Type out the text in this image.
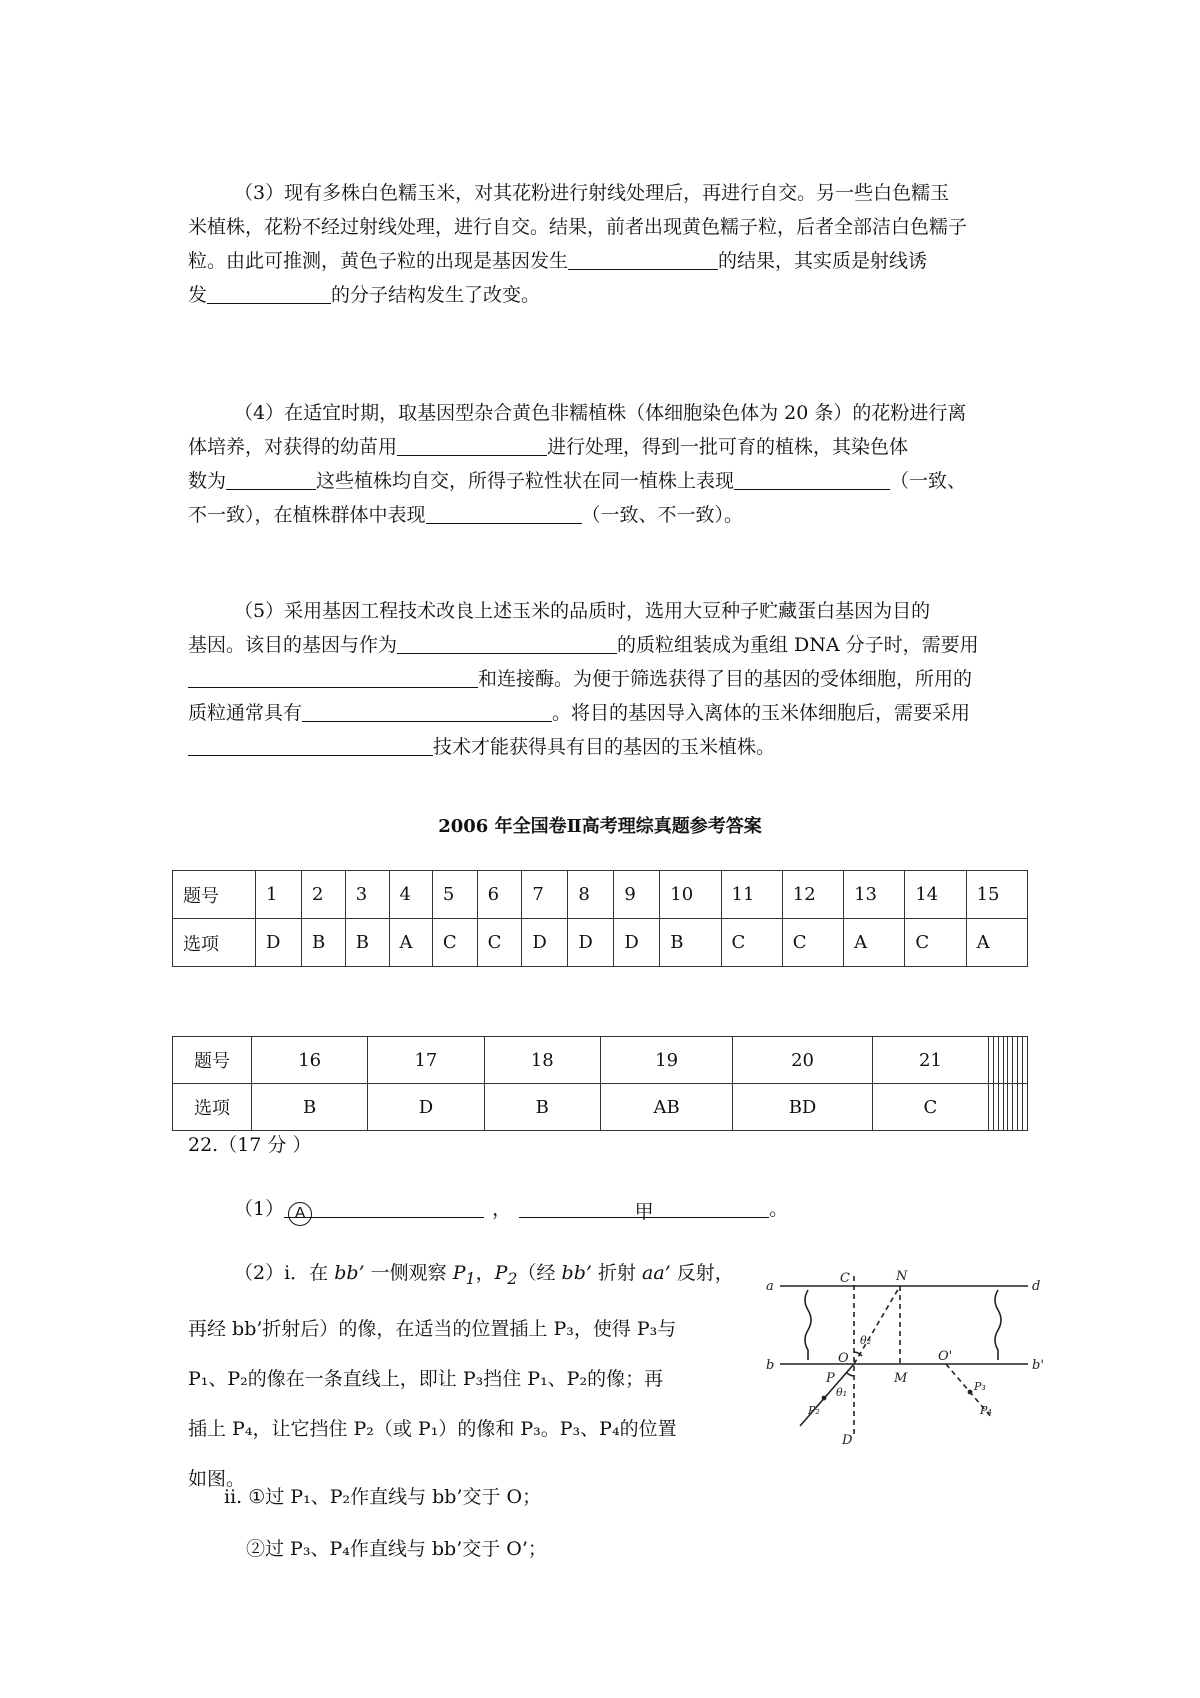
（3）现有多株白色糯玉米，对其花粉进行射线处理后，再进行自交。另一些白色糯玉
米植株，花粉不经过射线处理，进行自交。结果，前者出现黄色糯子粒，后者全部洁白色糯子
粒。由此可推测，黄色子粒的出现是基因发生	的结果，其实质是射线诱
发	的分子结构发生了改变。
（4）在适宜时期，取基因型杂合黄色非糯植株（体细胞染色体为 20 条）的花粉进行离
体培养，对获得的幼苗用	进行处理，得到一批可育的植株，其染色体
数为	这些植株均自交，所得子粒性状在同一植株上表现	（一致、
不一致），在植株群体中表现	（一致、不一致）。
（5）采用基因工程技术改良上述玉米的品质时，选用大豆种子贮藏蛋白基因为目的
基因。该目的基因与作为	的质粒组装成为重组 DNA 分子时，需要用
和连接酶。为便于筛选获得了目的基因的受体细胞，所用的
质粒通常具有	。将目的基因导入离体的玉米体细胞后，需要采用
技术才能获得具有目的基因的玉米植株。
2006 年全国卷Ⅱ高考理综真题参考答案
题号	1	2	3	4	5	6	7	8	9	10	11	12	13	14	15
选项	D	B	B	A	C	C	D	D	D	B	C	C	A	C	A
题号	16	17	18	19	20	21								
选项	B	D	B	AB	BD	C								
22.（17 分 ）
（1） A	，	甲	。
（2）ⅰ．在 bb’ 一侧观察 $P_1$，$P_2$（经 bb’ 折射 aa’ 反射，
再经 bb’折射后）的像，在适当的位置插上 P₃，使得 P₃与
P₁、P₂的像在一条直线上，即让 P₃挡住 P₁、P₂的像；再
插上 P₄，让它挡住 P₂（或 P₁）的像和 P₃。P₃、P₄的位置
如图。
ⅱ. ①过 P₁、P₂作直线与 bb’交于 O；
②过 P₃、P₄作直线与 bb’交于 O’；
a	d
b	b'
C	N
O	O'
M
P
D
θ₂
θ₁
P₂
P₃
P₄
